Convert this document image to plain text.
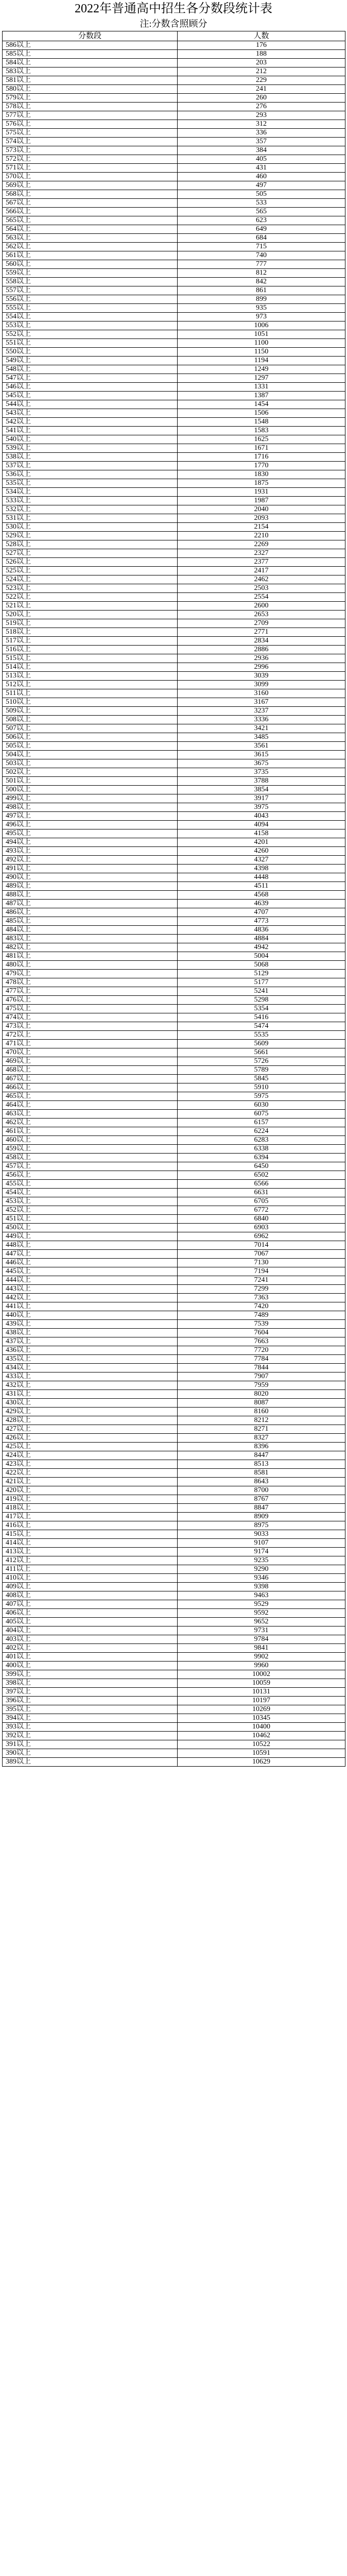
2022年普通高中招生各分数段统计表
注:分数含照顾分
分数段	人数
586以上	176
585以上	188
584以上	203
583以上	212
581以上	229
580以上	241
579以上	260
578以上	276
577以上	293
576以上	312
575以上	336
574以上	357
573以上	384
572以上	405
571以上	431
570以上	460
569以上	497
568以上	505
567以上	533
566以上	565
565以上	623
564以上	649
563以上	684
562以上	715
561以上	740
560以上	777
559以上	812
558以上	842
557以上	861
556以上	899
555以上	935
554以上	973
553以上	1006
552以上	1051
551以上	1100
550以上	1150
549以上	1194
548以上	1249
547以上	1297
546以上	1331
545以上	1387
544以上	1454
543以上	1506
542以上	1548
541以上	1583
540以上	1625
539以上	1671
538以上	1716
537以上	1770
536以上	1830
535以上	1875
534以上	1931
533以上	1987
532以上	2040
531以上	2093
530以上	2154
529以上	2210
528以上	2269
527以上	2327
526以上	2377
525以上	2417
524以上	2462
523以上	2503
522以上	2554
521以上	2600
520以上	2653
519以上	2709
518以上	2771
517以上	2834
516以上	2886
515以上	2936
514以上	2996
513以上	3039
512以上	3099
511以上	3160
510以上	3167
509以上	3237
508以上	3336
507以上	3421
506以上	3485
505以上	3561
504以上	3615
503以上	3675
502以上	3735
501以上	3788
500以上	3854
499以上	3917
498以上	3975
497以上	4043
496以上	4094
495以上	4158
494以上	4201
493以上	4260
492以上	4327
491以上	4398
490以上	4448
489以上	4511
488以上	4568
487以上	4639
486以上	4707
485以上	4773
484以上	4836
483以上	4884
482以上	4942
481以上	5004
480以上	5068
479以上	5129
478以上	5177
477以上	5241
476以上	5298
475以上	5354
474以上	5416
473以上	5474
472以上	5535
471以上	5609
470以上	5661
469以上	5726
468以上	5789
467以上	5845
466以上	5910
465以上	5975
464以上	6030
463以上	6075
462以上	6157
461以上	6224
460以上	6283
459以上	6338
458以上	6394
457以上	6450
456以上	6502
455以上	6566
454以上	6631
453以上	6705
452以上	6772
451以上	6840
450以上	6903
449以上	6962
448以上	7014
447以上	7067
446以上	7130
445以上	7194
444以上	7241
443以上	7299
442以上	7363
441以上	7420
440以上	7489
439以上	7539
438以上	7604
437以上	7663
436以上	7720
435以上	7784
434以上	7844
433以上	7907
432以上	7959
431以上	8020
430以上	8087
429以上	8160
428以上	8212
427以上	8271
426以上	8327
425以上	8396
424以上	8447
423以上	8513
422以上	8581
421以上	8643
420以上	8700
419以上	8767
418以上	8847
417以上	8909
416以上	8975
415以上	9033
414以上	9107
413以上	9174
412以上	9235
411以上	9290
410以上	9346
409以上	9398
408以上	9463
407以上	9529
406以上	9592
405以上	9652
404以上	9731
403以上	9784
402以上	9841
401以上	9902
400以上	9960
399以上	10002
398以上	10059
397以上	10131
396以上	10197
395以上	10269
394以上	10345
393以上	10400
392以上	10462
391以上	10522
390以上	10591
389以上	10629
